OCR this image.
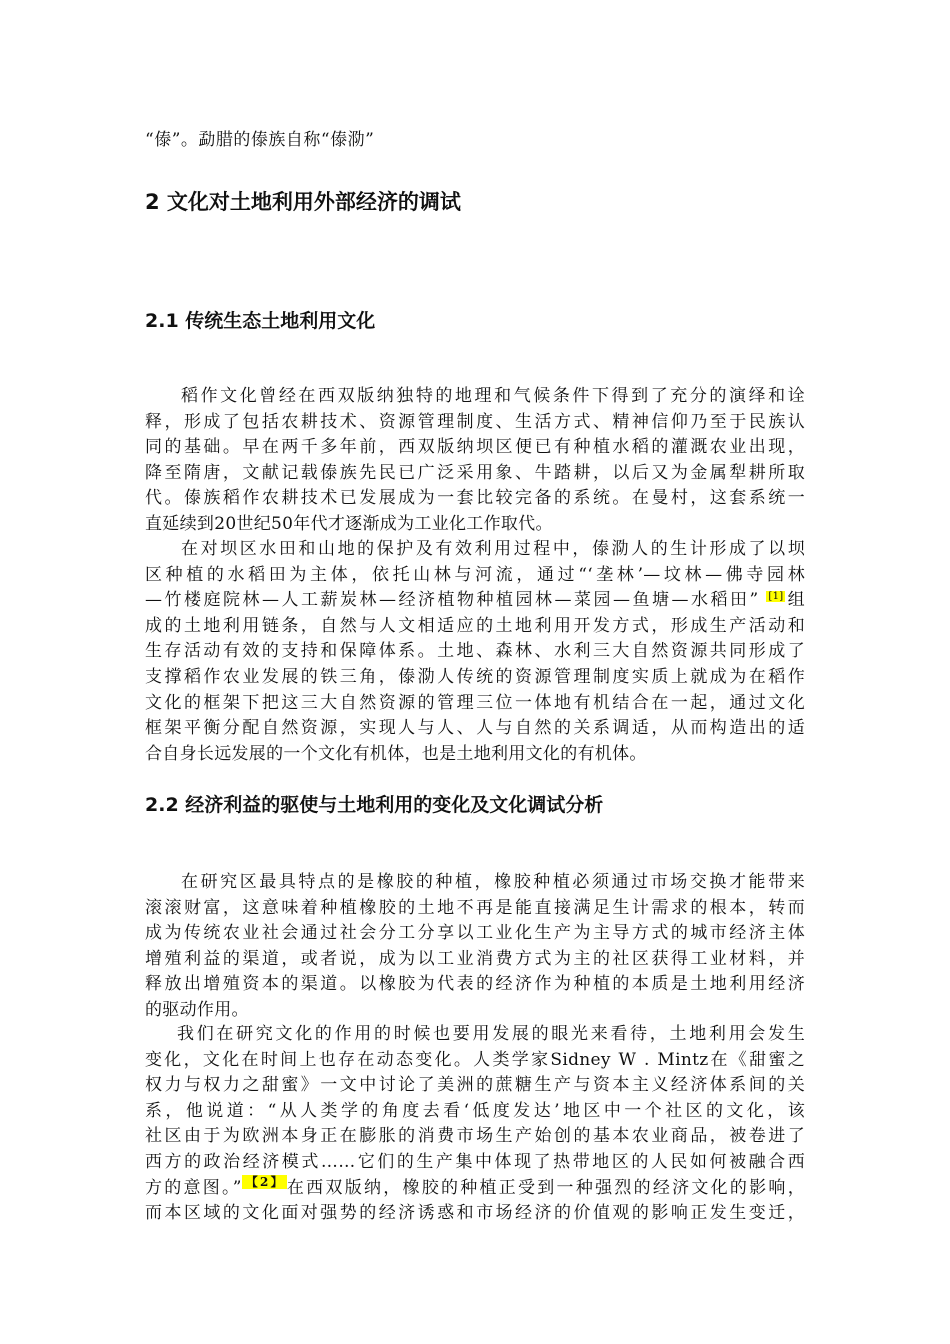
“傣”。勐腊的傣族自称“傣泐”
2 文化对土地利用外部经济的调试
2.1 传统生态土地利用文化
稻作文化曾经在西双版纳独特的地理和气候条件下得到了充分的演绎和诠
释，形成了包括农耕技术、资源管理制度、生活方式、精神信仰乃至于民族认
同的基础。早在两千多年前，西双版纳坝区便已有种植水稻的灌溉农业出现，
降至隋唐，文献记载傣族先民已广泛采用象、牛踏耕，以后又为金属犁耕所取
代。傣族稻作农耕技术已发展成为一套比较完备的系统。在曼村，这套系统一
直延续到20世纪50年代才逐渐成为工业化工作取代。
在对坝区水田和山地的保护及有效利用过程中，傣泐人的生计形成了以坝
区种植的水稻田为主体，依托山林与河流，通过“‘垄林’—坟林—佛寺园林
—竹楼庭院林—人工薪炭林—经济植物种植园林—菜园—鱼塘—水稻田” [1] 组
成的土地利用链条，自然与人文相适应的土地利用开发方式，形成生产活动和
生存活动有效的支持和保障体系。土地、森林、水利三大自然资源共同形成了
支撑稻作农业发展的铁三角，傣泐人传统的资源管理制度实质上就成为在稻作
文化的框架下把这三大自然资源的管理三位一体地有机结合在一起，通过文化
框架平衡分配自然资源，实现人与人、人与自然的关系调适，从而构造出的适
合自身长远发展的一个文化有机体，也是土地利用文化的有机体。
2.2 经济利益的驱使与土地利用的变化及文化调试分析
在研究区最具特点的是橡胶的种植，橡胶种植必须通过市场交换才能带来
滚滚财富，这意味着种植橡胶的土地不再是能直接满足生计需求的根本，转而
成为传统农业社会通过社会分工分享以工业化生产为主导方式的城市经济主体
增殖利益的渠道，或者说，成为以工业消费方式为主的社区获得工业材料，并
释放出增殖资本的渠道。以橡胶为代表的经济作为种植的本质是土地利用经济
的驱动作用。
我们在研究文化的作用的时候也要用发展的眼光来看待，土地利用会发生
变化，文化在时间上也存在动态变化。人类学家Sidney W . Mintz在《甜蜜之
权力与权力之甜蜜》一文中讨论了美洲的蔗糖生产与资本主义经济体系间的关
系，他说道：“从人类学的角度去看‘低度发达’地区中一个社区的文化，该
社区由于为欧洲本身正在膨胀的消费市场生产始创的基本农业商品，被卷进了
西方的政治经济模式……它们的生产集中体现了热带地区的人民如何被融合西
方的意图。” $^{【2】}$ 在西双版纳，橡胶的种植正受到一种强烈的经济文化的影响，
而本区域的文化面对强势的经济诱惑和市场经济的价值观的影响正发生变迁，
